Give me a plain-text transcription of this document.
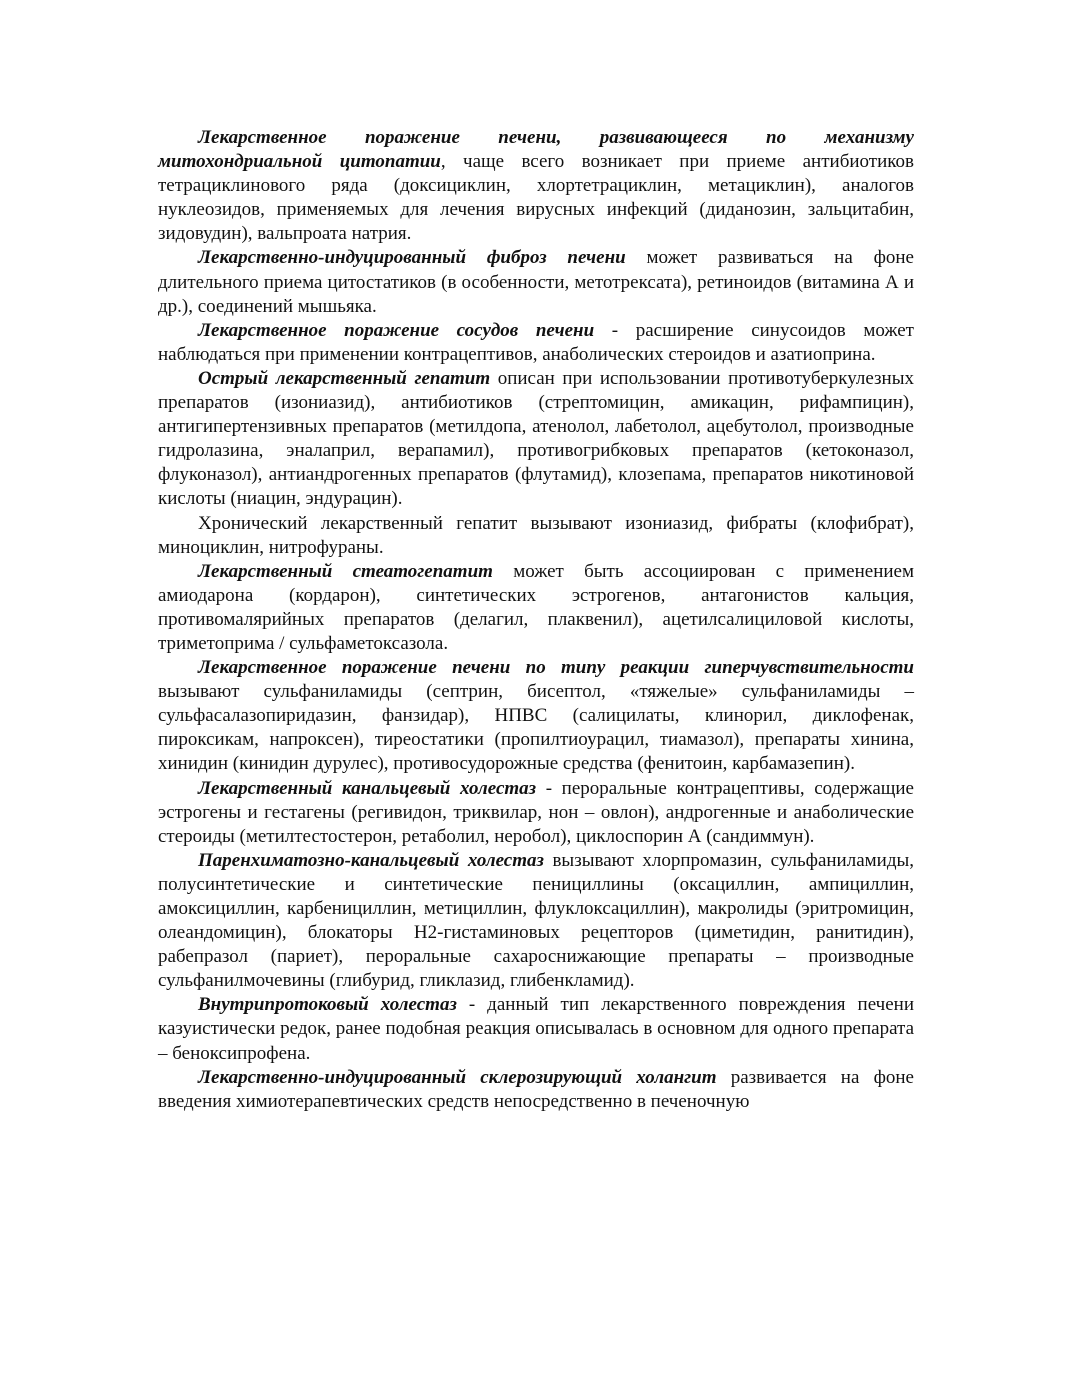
Лекарственное поражение печени, развивающееся по механизму митохондриальной цитопатии, чаще всего возникает при приеме антибиотиков тетрациклинового ряда (доксициклин, хлортетрациклин, метациклин), аналогов нуклеозидов, применяемых для лечения вирусных инфекций (диданозин, зальцитабин, зидовудин), вальпроата натрия.

Лекарственно-индуцированный фиброз печени может развиваться на фоне длительного приема цитостатиков (в особенности, метотрексата), ретиноидов (витамина А и др.), соединений мышьяка.

Лекарственное поражение сосудов печени - расширение синусоидов может наблюдаться при применении контрацептивов, анаболических стероидов и азатиоприна.

Острый лекарственный гепатит описан при использовании противотуберкулезных препаратов (изониазид), антибиотиков (стрептомицин, амикацин, рифампицин), антигипертензивных препаратов (метилдопа, атенолол, лабетолол, ацебутолол, производные гидролазина, эналаприл, верапамил), противогрибковых препаратов (кетоконазол, флуконазол), антиандрогенных препаратов (флутамид), клозепама, препаратов никотиновой кислоты (ниацин, эндурацин).

Хронический лекарственный гепатит вызывают изониазид, фибраты (клофибрат), миноциклин, нитрофураны.

Лекарственный стеатогепатит может быть ассоциирован с применением амиодарона (кордарон), синтетических эстрогенов, антагонистов кальция, противомалярийных препаратов (делагил, плаквенил), ацетилсалициловой кислоты, триметоприма / сульфаметоксазола.

Лекарственное поражение печени по типу реакции гиперчувствительности вызывают сульфаниламиды (септрин, бисептол, «тяжелые» сульфаниламиды – сульфасалазопиридазин, фанзидар), НПВС (салицилаты, клинорил, диклофенак, пироксикам, напроксен), тиреостатики (пропилтиоурацил, тиамазол), препараты хинина, хинидин (кинидин дурулес), противосудорожные средства (фенитоин, карбамазепин).

Лекарственный канальцевый холестаз - пероральные контрацептивы, содержащие эстрогены и гестагены (регивидон, триквилар, нон – овлон), андрогенные и анаболические стероиды (метилтестостерон, ретаболил, неробол), циклоспорин А (сандиммун).

Паренхиматозно-канальцевый холестаз вызывают хлорпромазин, сульфаниламиды, полусинтетические и синтетические пенициллины (оксациллин, ампициллин, амоксициллин, карбенициллин, метициллин, флуклоксациллин), макролиды (эритромицин, олеандомицин), блокаторы Н2-гистаминовых рецепторов (циметидин, ранитидин), рабепразол (париет), пероральные сахароснижающие препараты – производные сульфанилмочевины (глибурид, гликлазид, глибенкламид).

Внутрипротоковый холестаз - данный тип лекарственного повреждения печени казуистически редок, ранее подобная реакция описывалась в основном для одного препарата – беноксипрофена.

Лекарственно-индуцированный склерозирующий холангит развивается на фоне введения химиотерапевтических средств непосредственно в печеночную
